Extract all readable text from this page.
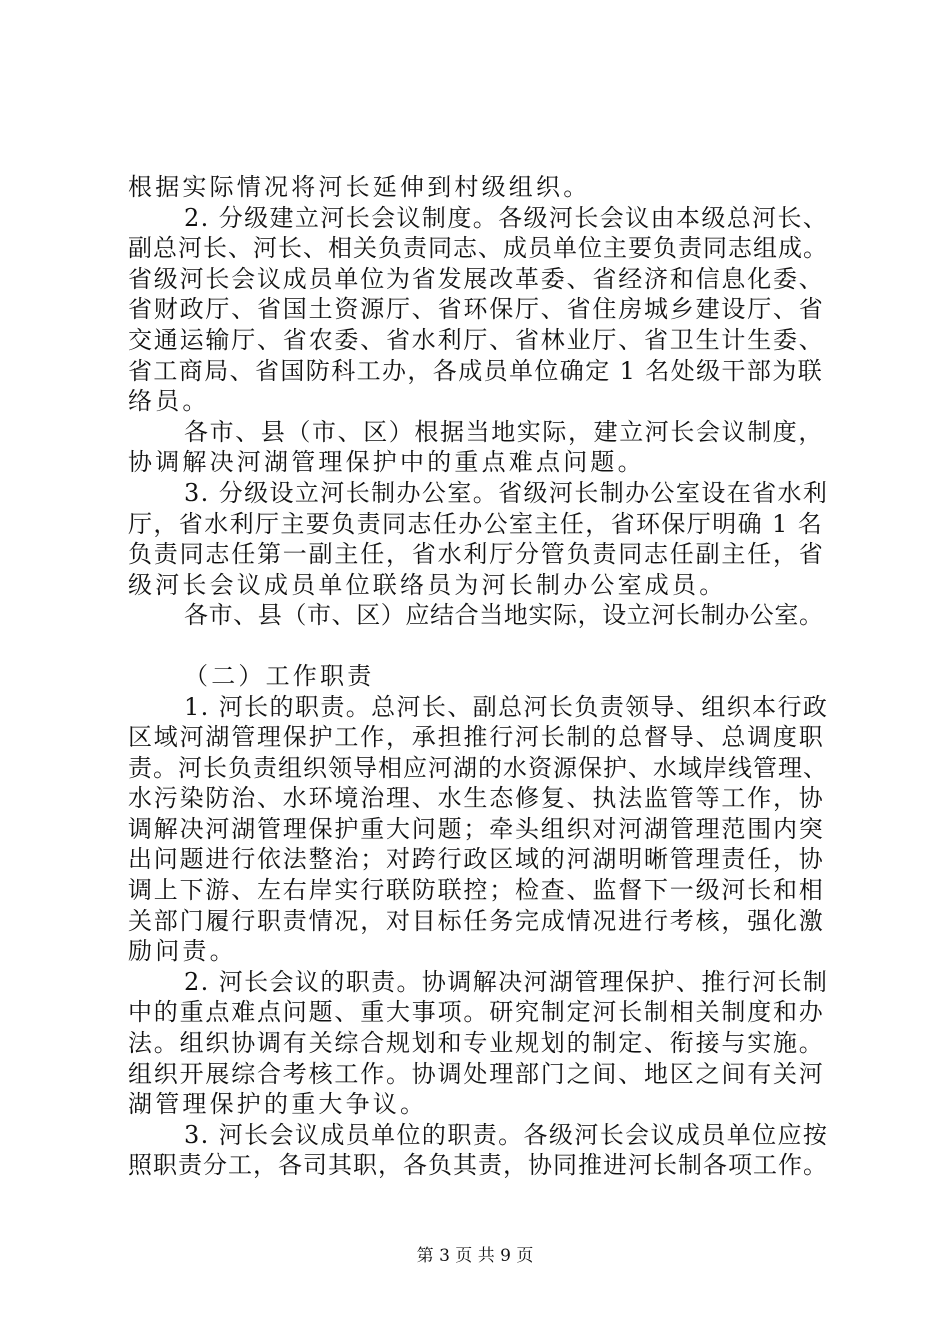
根据实际情况将河长延伸到村级组织。
2. 分级建立河长会议制度。各级河长会议由本级总河长、
副总河长、河长、相关负责同志、成员单位主要负责同志组成。
省级河长会议成员单位为省发展改革委、省经济和信息化委、
省财政厅、省国土资源厅、省环保厅、省住房城乡建设厅、省
交通运输厅、省农委、省水利厅、省林业厅、省卫生计生委、
省工商局、省国防科工办，各成员单位确定 1 名处级干部为联
络员。
各市、县（市、区）根据当地实际，建立河长会议制度，
协调解决河湖管理保护中的重点难点问题。
3. 分级设立河长制办公室。省级河长制办公室设在省水利
厅，省水利厅主要负责同志任办公室主任，省环保厅明确 1 名
负责同志任第一副主任，省水利厅分管负责同志任副主任，省
级河长会议成员单位联络员为河长制办公室成员。
各市、县（市、区）应结合当地实际，设立河长制办公室。
（二）工作职责
1. 河长的职责。总河长、副总河长负责领导、组织本行政
区域河湖管理保护工作，承担推行河长制的总督导、总调度职
责。河长负责组织领导相应河湖的水资源保护、水域岸线管理、
水污染防治、水环境治理、水生态修复、执法监管等工作，协
调解决河湖管理保护重大问题；牵头组织对河湖管理范围内突
出问题进行依法整治；对跨行政区域的河湖明晰管理责任，协
调上下游、左右岸实行联防联控；检查、监督下一级河长和相
关部门履行职责情况，对目标任务完成情况进行考核，强化激
励问责。
2. 河长会议的职责。协调解决河湖管理保护、推行河长制
中的重点难点问题、重大事项。研究制定河长制相关制度和办
法。组织协调有关综合规划和专业规划的制定、衔接与实施。
组织开展综合考核工作。协调处理部门之间、地区之间有关河
湖管理保护的重大争议。
3. 河长会议成员单位的职责。各级河长会议成员单位应按
照职责分工，各司其职，各负其责，协同推进河长制各项工作。
第 3 页 共 9 页
